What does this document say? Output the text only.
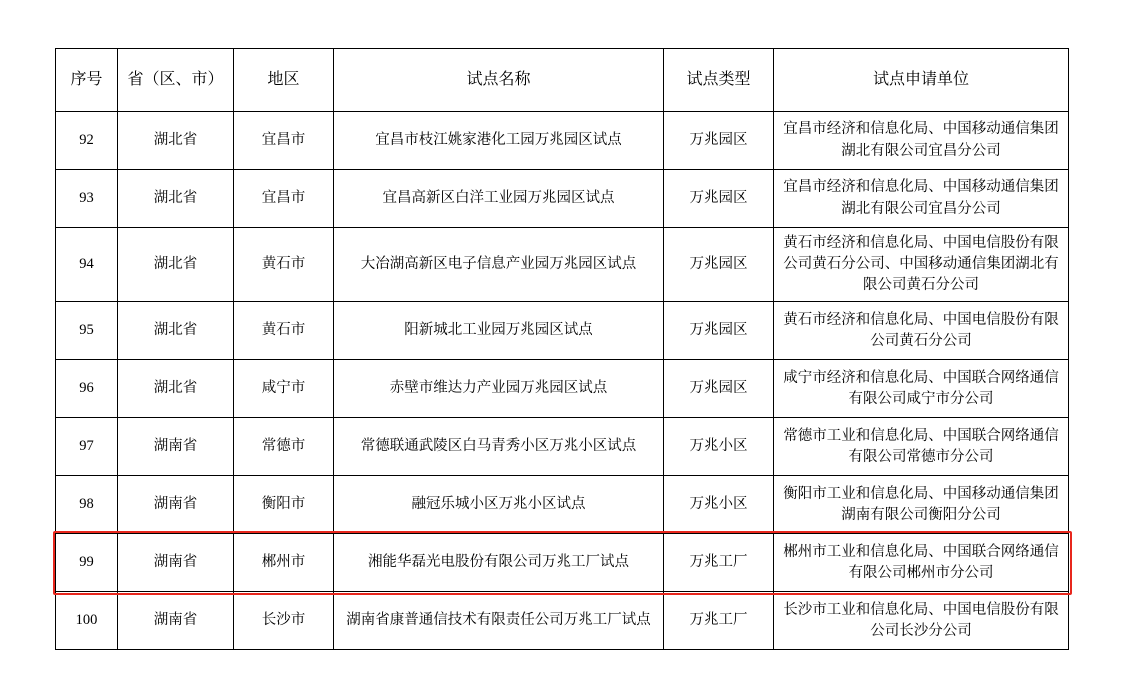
序号	省（区、市）	地区	试点名称	试点类型	试点申请单位
92	湖北省	宜昌市	宜昌市枝江姚家港化工园万兆园区试点	万兆园区	宜昌市经济和信息化局、中国移动通信集团湖北有限公司宜昌分公司
93	湖北省	宜昌市	宜昌高新区白洋工业园万兆园区试点	万兆园区	宜昌市经济和信息化局、中国移动通信集团湖北有限公司宜昌分公司
94	湖北省	黄石市	大冶湖高新区电子信息产业园万兆园区试点	万兆园区	黄石市经济和信息化局、中国电信股份有限公司黄石分公司、中国移动通信集团湖北有限公司黄石分公司
95	湖北省	黄石市	阳新城北工业园万兆园区试点	万兆园区	黄石市经济和信息化局、中国电信股份有限公司黄石分公司
96	湖北省	咸宁市	赤壁市维达力产业园万兆园区试点	万兆园区	咸宁市经济和信息化局、中国联合网络通信有限公司咸宁市分公司
97	湖南省	常德市	常德联通武陵区白马青秀小区万兆小区试点	万兆小区	常德市工业和信息化局、中国联合网络通信有限公司常德市分公司
98	湖南省	衡阳市	融冠乐城小区万兆小区试点	万兆小区	衡阳市工业和信息化局、中国移动通信集团湖南有限公司衡阳分公司
99	湖南省	郴州市	湘能华磊光电股份有限公司万兆工厂试点	万兆工厂	郴州市工业和信息化局、中国联合网络通信有限公司郴州市分公司
100	湖南省	长沙市	湖南省康普通信技术有限责任公司万兆工厂试点	万兆工厂	长沙市工业和信息化局、中国电信股份有限公司长沙分公司
